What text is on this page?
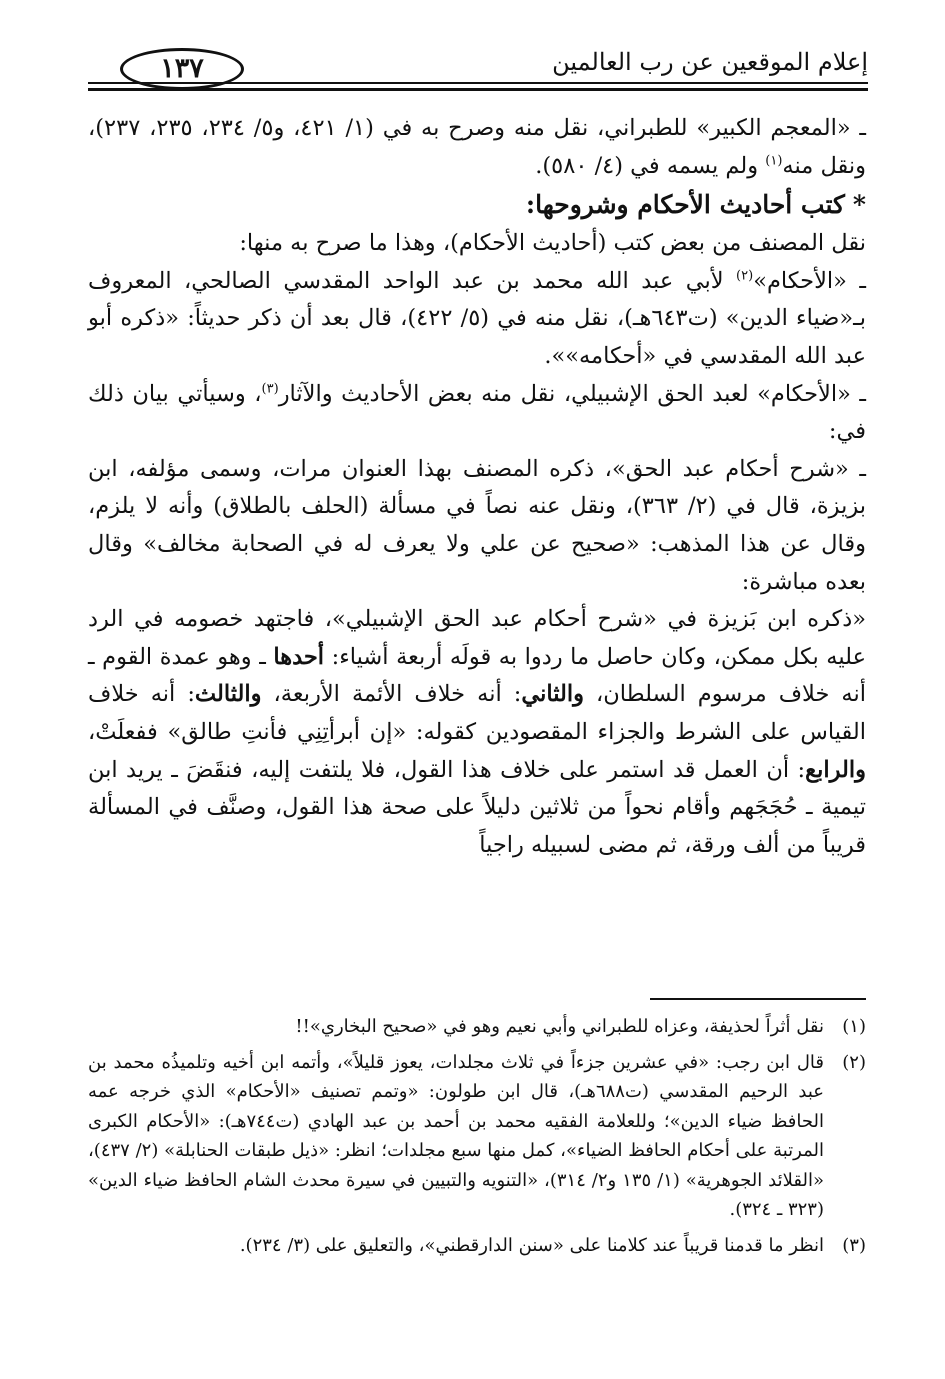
إعلام الموقعين عن رب العالمين
١٣٧

ـ «المعجم الكبير» للطبراني، نقل منه وصرح به في (١/ ٤٢١، و٥/ ٢٣٤، ٢٣٥، ٢٣٧)، ونقل منه$^{(١)}$ ولم يسمه في (٤/ ٥٨٠).

*كتب أحاديث الأحكام وشروحها:

نقل المصنف من بعض كتب (أحاديث الأحكام)، وهذا ما صرح به منها:

ـ «الأحكام»$^{(٢)}$ لأبي عبد الله محمد بن عبد الواحد المقدسي الصالحي، المعروف بـ«ضياء الدين» (ت٦٤٣هـ)، نقل منه في (٥/ ٤٢٢)، قال بعد أن ذكر حديثاً: «ذكره أبو عبد الله المقدسي في «أحكامه»».

ـ «الأحكام» لعبد الحق الإشبيلي، نقل منه بعض الأحاديث والآثار$^{(٣)}$، وسيأتي بيان ذلك في:

ـ «شرح أحكام عبد الحق»، ذكره المصنف بهذا العنوان مرات، وسمى مؤلفه، ابن بزيزة، قال في (٢/ ٣٦٣)، ونقل عنه نصاً في مسألة (الحلف بالطلاق) وأنه لا يلزم، وقال عن هذا المذهب: «صحيح عن علي ولا يعرف له في الصحابة مخالف» وقال بعده مباشرة:

«ذكره ابن بَزيزة في «شرح أحكام عبد الحق الإشبيلي»، فاجتهد خصومه في الرد عليه بكل ممكن، وكان حاصل ما ردوا به قولَه أربعة أشياء: أحدها ـ وهو عمدة القوم ـ أنه خلاف مرسوم السلطان، والثاني: أنه خلاف الأئمة الأربعة، والثالث: أنه خلاف القياس على الشرط والجزاء المقصودين كقوله: «إن أبرأتِنِي فأنتِ طالق» ففعلَتْ، والرابع: أن العمل قد استمر على خلاف هذا القول، فلا يلتفت إليه، فنقَضَ ـ يريد ابن تيمية ـ حُجَجَهم وأقام نحواً من ثلاثين دليلاً على صحة هذا القول، وصنَّف في المسألة قريباً من ألف ورقة، ثم مضى لسبيله راجياً

(١)
نقل أثراً لحذيفة، وعزاه للطبراني وأبي نعيم وهو في «صحيح البخاري»!!
(٢)
قال ابن رجب: «في عشرين جزءاً في ثلاث مجلدات، يعوز قليلاً»، وأتمه ابن أخيه وتلميذُه محمد بن عبد الرحيم المقدسي (ت٦٨٨هـ)، قال ابن طولون: «وتمم تصنيف «الأحكام» الذي خرجه عمه الحافظ ضياء الدين»؛ وللعلامة الفقيه محمد بن أحمد بن عبد الهادي (ت٧٤٤هـ): «الأحكام الكبرى المرتبة على أحكام الحافظ الضياء»، كمل منها سبع مجلدات؛ انظر: «ذيل طبقات الحنابلة» (٢/ ٤٣٧)، «القلائد الجوهرية» (١/ ١٣٥ و٢/ ٣١٤)، «التنويه والتبيين في سيرة محدث الشام الحافظ ضياء الدين» (٣٢٣ ـ ٣٢٤).
(٣)
انظر ما قدمنا قريباً عند كلامنا على «سنن الدارقطني»، والتعليق على (٣/ ٢٣٤).
